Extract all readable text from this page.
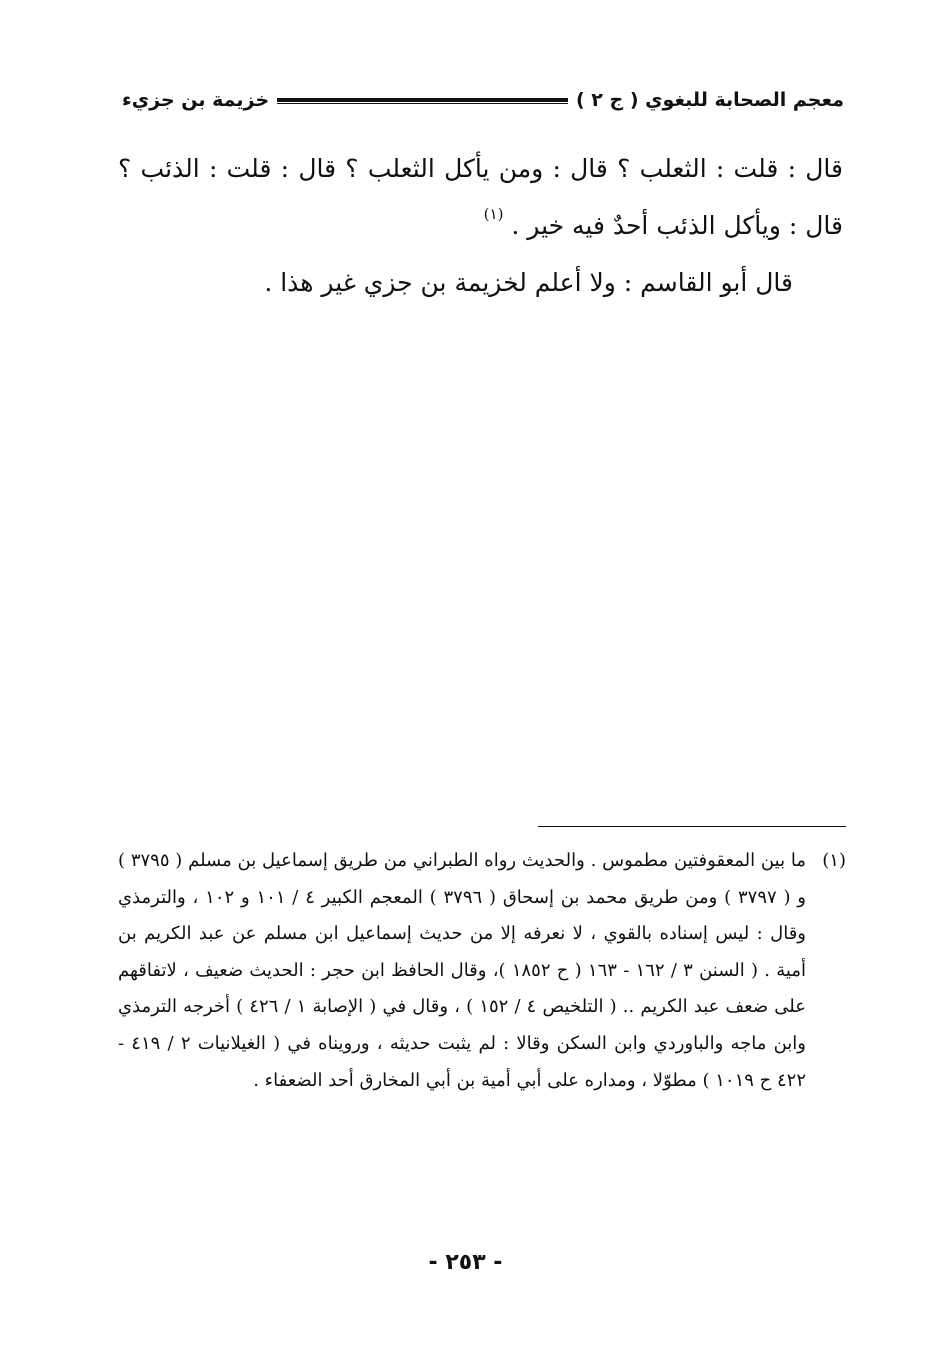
معجم الصحابة للبغوي ( ج ٢ )
خزيمة بن جزيء

قال : قلت : الثعلب ؟ قال : ومن يأكل الثعلب ؟ قال : قلت : الذئب ؟ قال : ويأكل الذئب أحدٌ فيه خير . $^{(١)}$

قال أبو القاسم : ولا أعلم لخزيمة بن جزي غير هذا .

(١)

ما بين المعقوفتين مطموس . والحديث رواه الطبراني من طريق إسماعيل بن مسلم ( ٣٧٩٥ ) و ( ٣٧٩٧ ) ومن طريق محمد بن إسحاق ( ٣٧٩٦ ) المعجم الكبير ٤ / ١٠١ و ١٠٢ ، والترمذي وقال : ليس إسناده بالقوي ، لا نعرفه إلا من حديث إسماعيل ابن مسلم عن عبد الكريم بن أمية . ( السنن ٣ / ١٦٢ - ١٦٣ ( ح ١٨٥٢ )، وقال الحافظ ابن حجر : الحديث ضعيف ، لاتفاقهم على ضعف عبد الكريم .. ( التلخيص ٤ / ١٥٢ ) ، وقال في ( الإصابة ١ / ٤٢٦ ) أخرجه الترمذي وابن ماجه والباوردي وابن السكن وقالا : لم يثبت حديثه ، ورويناه في ( الغيلانيات ٢ / ٤١٩ - ٤٢٢ ح ١٠١٩ ) مطوّلا ، ومداره على أبي أمية بن أبي المخارق أحد الضعفاء .

- ٢٥٣ -
